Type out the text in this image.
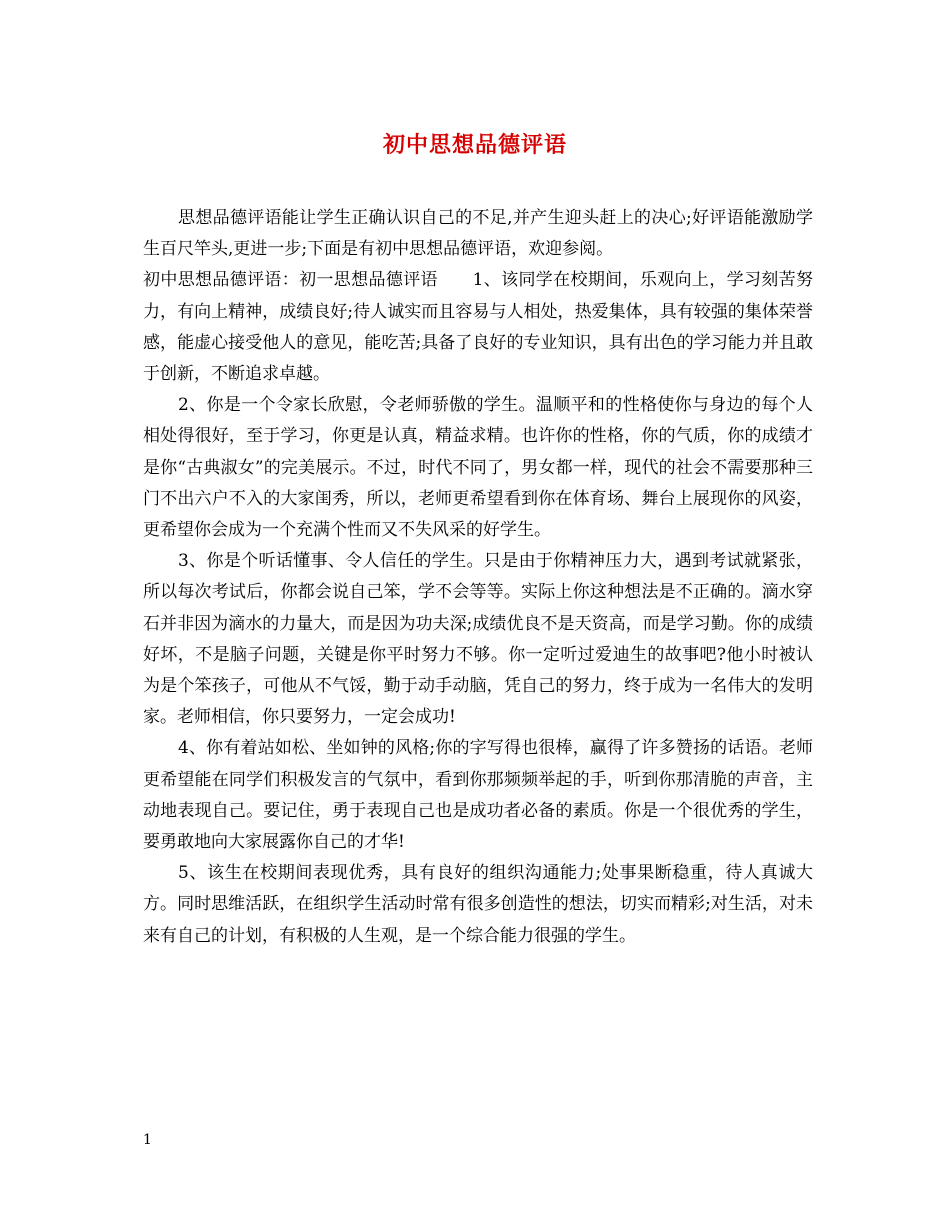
初中思想品德评语

思想品德评语能让学生正确认识自己的不足,并产生迎头赶上的决心;好评语能激励学生百尺竿头,更进一步;下面是有初中思想品德评语，欢迎参阅。

初中思想品德评语：初一思想品德评语　　1、该同学在校期间，乐观向上，学习刻苦努力，有向上精神，成绩良好;待人诚实而且容易与人相处，热爱集体，具有较强的集体荣誉感，能虚心接受他人的意见，能吃苦;具备了良好的专业知识，具有出色的学习能力并且敢于创新，不断追求卓越。

2、你是一个令家长欣慰，令老师骄傲的学生。温顺平和的性格使你与身边的每个人相处得很好，至于学习，你更是认真，精益求精。也许你的性格，你的气质，你的成绩才是你“古典淑女”的完美展示。不过，时代不同了，男女都一样，现代的社会不需要那种三门不出六户不入的大家闺秀，所以，老师更希望看到你在体育场、舞台上展现你的风姿，更希望你会成为一个充满个性而又不失风采的好学生。

3、你是个听话懂事、令人信任的学生。只是由于你精神压力大，遇到考试就紧张，所以每次考试后，你都会说自己笨，学不会等等。实际上你这种想法是不正确的。滴水穿石并非因为滴水的力量大，而是因为功夫深;成绩优良不是天资高，而是学习勤。你的成绩好坏，不是脑子问题，关键是你平时努力不够。你一定听过爱迪生的故事吧?他小时被认为是个笨孩子，可他从不气馁，勤于动手动脑，凭自己的努力，终于成为一名伟大的发明家。老师相信，你只要努力，一定会成功!

4、你有着站如松、坐如钟的风格;你的字写得也很棒，赢得了许多赞扬的话语。老师更希望能在同学们积极发言的气氛中，看到你那频频举起的手，听到你那清脆的声音，主动地表现自己。要记住，勇于表现自己也是成功者必备的素质。你是一个很优秀的学生，要勇敢地向大家展露你自己的才华!

5、该生在校期间表现优秀，具有良好的组织沟通能力;处事果断稳重，待人真诚大方。同时思维活跃，在组织学生活动时常有很多创造性的想法，切实而精彩;对生活，对未来有自己的计划，有积极的人生观，是一个综合能力很强的学生。

1
